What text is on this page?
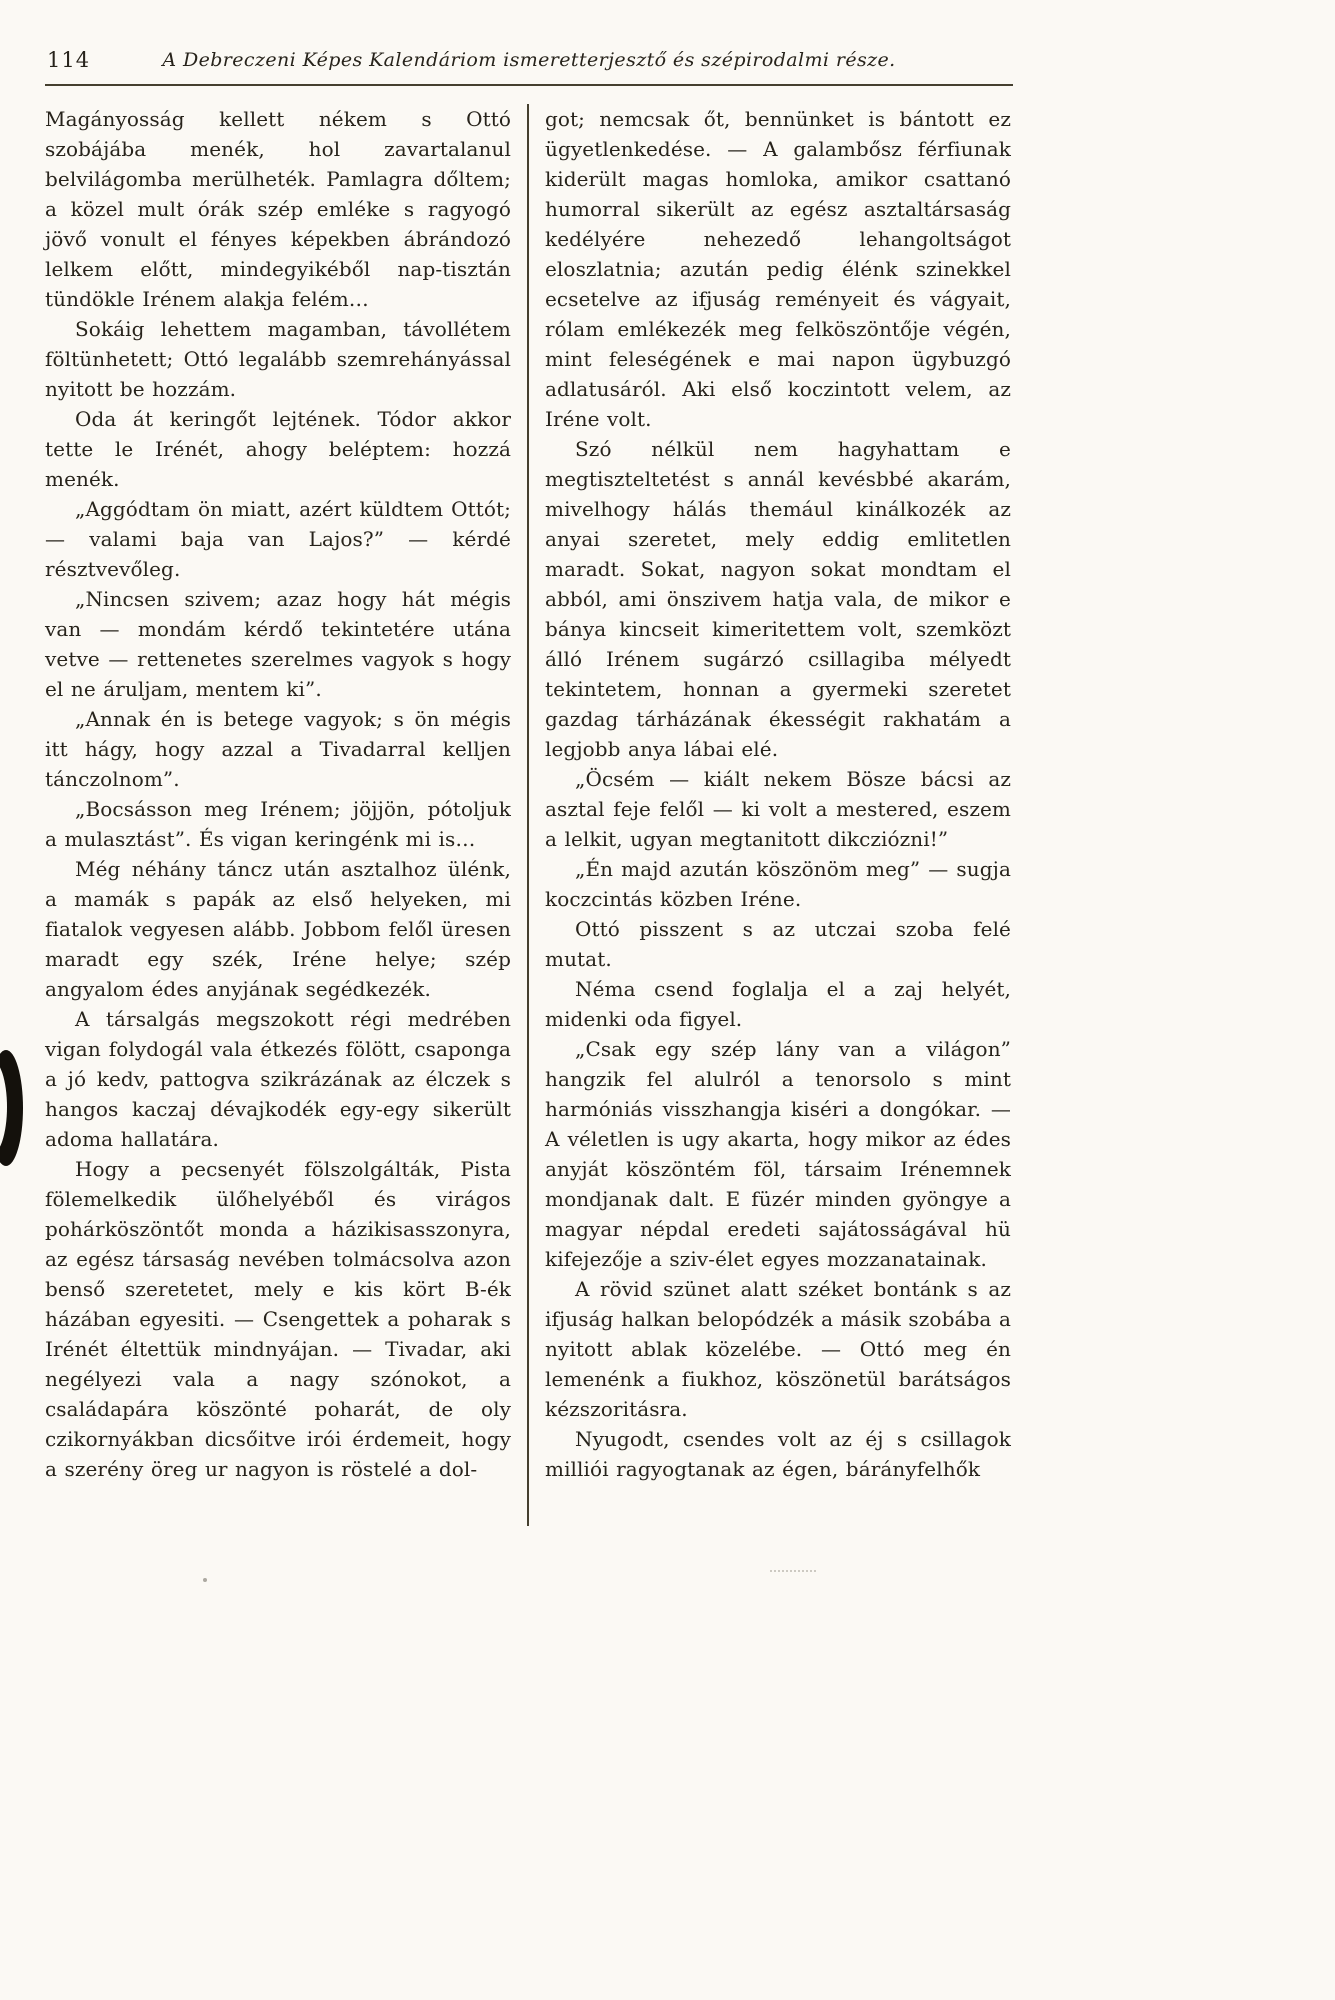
114	A Debreczeni Képes Kalendáriom ismeretterjesztő és szépirodalmi része.

Magányosság kellett nékem s Ottó szobájába menék, hol zavartalanul belvilágomba merülheték. Pamlagra dőltem; a közel mult órák szép emléke s ragyogó jövő vonult el fényes képekben ábrándozó lelkem előtt, mindegyikéből nap-tisztán tündökle Irénem alakja felém…

Sokáig lehettem magamban, távollétem föltünhetett; Ottó legalább szemrehányással nyitott be hozzám.

Oda át keringőt lejtének. Tódor akkor tette le Irénét, ahogy beléptem: hozzá menék.

„Aggódtam ön miatt, azért küldtem Ottót; — valami baja van Lajos?” — kérdé résztvevőleg.

„Nincsen szivem; azaz hogy hát mégis van — mondám kérdő tekintetére utána vetve — rettenetes szerelmes vagyok s hogy el ne áruljam, mentem ki”.

„Annak én is betege vagyok; s ön mégis itt hágy, hogy azzal a Tivadarral kelljen tánczolnom”.

„Bocsásson meg Irénem; jöjjön, pótoljuk a mulasztást”. És vigan keringénk mi is…

Még néhány táncz után asztalhoz ülénk, a mamák s papák az első helyeken, mi fiatalok vegyesen alább. Jobbom felől üresen maradt egy szék, Iréne helye; szép angyalom édes anyjának segédkezék.

A társalgás megszokott régi medrében vigan folydogál vala étkezés fölött, csaponga a jó kedv, pattogva szikrázának az élczek s hangos kaczaj dévajkodék egy-egy sikerült adoma hallatára.

Hogy a pecsenyét fölszolgálták, Pista fölemelkedik ülőhelyéből és virágos pohárköszöntőt monda a házikisasszonyra, az egész társaság nevében tolmácsolva azon benső szeretetet, mely e kis kört B-ék házában egyesiti. — Csengettek a poharak s Irénét éltettük mindnyájan. — Tivadar, aki negélyezi vala a nagy szónokot, a családapára köszönté poharát, de oly czikornyákban dicsőitve irói érdemeit, hogy a szerény öreg ur nagyon is röstelé a dol-

got; nemcsak őt, bennünket is bántott ez ügyetlenkedése. — A galambősz férfiunak kiderült magas homloka, amikor csattanó humorral sikerült az egész asztaltársaság kedélyére nehezedő lehangoltságot eloszlatnia; azután pedig élénk szinekkel ecsetelve az ifjuság reményeit és vágyait, rólam emlékezék meg felköszöntője végén, mint feleségének e mai napon ügybuzgó adlatusáról. Aki első koczintott velem, az Iréne volt.

Szó nélkül nem hagyhattam e megtiszteltetést s annál kevésbbé akarám, mivelhogy hálás themául kinálkozék az anyai szeretet, mely eddig emlitetlen maradt. Sokat, nagyon sokat mondtam el abból, ami önszivem hatja vala, de mikor e bánya kincseit kimeritettem volt, szemközt álló Irénem sugárzó csillagiba mélyedt tekintetem, honnan a gyermeki szeretet gazdag tárházának ékességit rakhatám a legjobb anya lábai elé.

„Öcsém — kiált nekem Bösze bácsi az asztal feje felől — ki volt a mestered, eszem a lelkit, ugyan megtanitott dikcziózni!”

„Én majd azután köszönöm meg” — sugja koczcintás közben Iréne.

Ottó pisszent s az utczai szoba felé mutat.

Néma csend foglalja el a zaj helyét, midenki oda figyel.

„Csak egy szép lány van a világon” hangzik fel alulról a tenorsolo s mint harmóniás visszhangja kiséri a dongókar. — A véletlen is ugy akarta, hogy mikor az édes anyját köszöntém föl, társaim Irénemnek mondjanak dalt. E füzér minden gyöngye a magyar népdal eredeti sajátosságával hü kifejezője a sziv-élet egyes mozzanatainak.

A rövid szünet alatt széket bontánk s az ifjuság halkan belopódzék a másik szobába a nyitott ablak közelébe. — Ottó meg én lemenénk a fiukhoz, köszönetül barátságos kézszoritásra.

Nyugodt, csendes volt az éj s csillagok milliói ragyogtanak az égen, bárányfelhők
